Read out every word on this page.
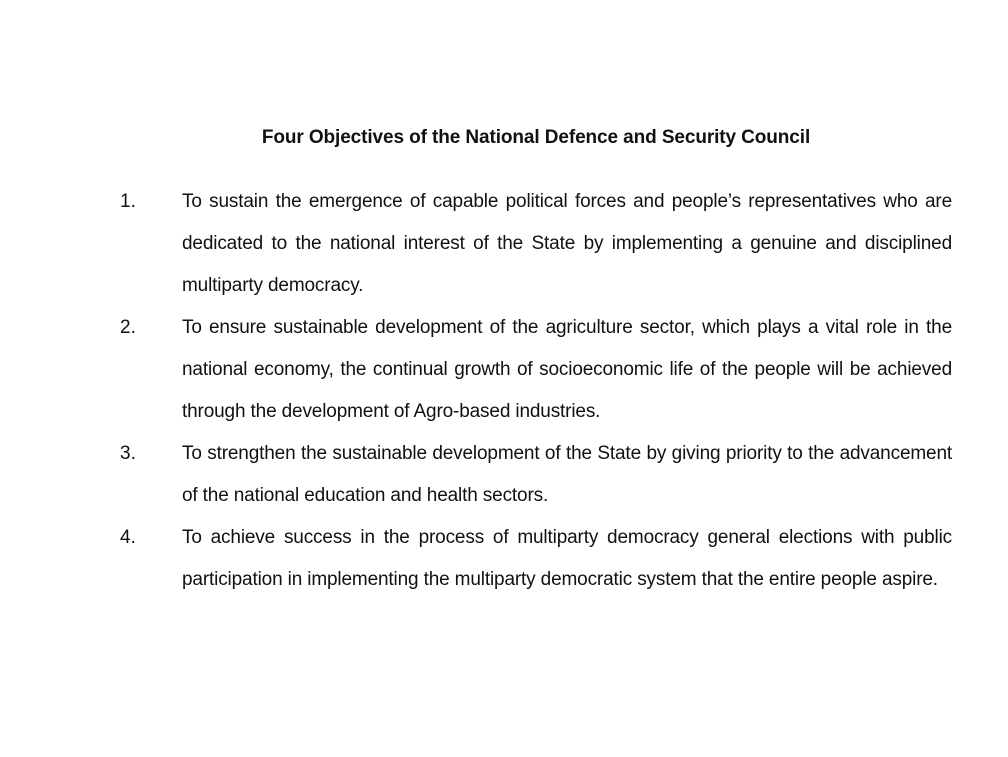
Four Objectives of the National Defence and Security Council
1.	To sustain the emergence of capable political forces and people’s representatives who are dedicated to the national interest of the State by implementing a genuine and disciplined multiparty democracy.
2.	To ensure sustainable development of the agriculture sector, which plays a vital role in the national economy, the continual growth of socioeconomic life of the people will be achieved through the development of Agro-based industries.
3.	To strengthen the sustainable development of the State by giving priority to the advancement of the national education and health sectors.
4.	To achieve success in the process of multiparty democracy general elections with public participation in implementing the multiparty democratic system that the entire people aspire.
